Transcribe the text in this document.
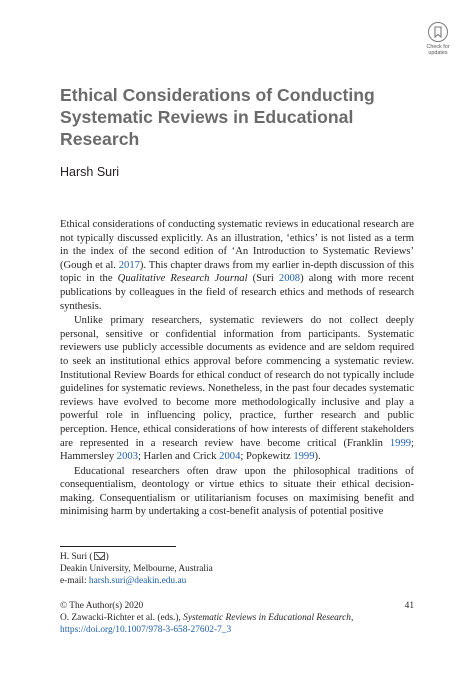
Check for
updates
Ethical Considerations of Conducting Systematic Reviews in Educational Research
Harsh Suri

Ethical considerations of conducting systematic reviews in educational research are not typically discussed explicitly. As an illustration, ‘ethics’ is not listed as a term in the index of the second edition of ‘An Introduction to Systematic Reviews’ (Gough et al. 2017). This chapter draws from my earlier in-depth discussion of this topic in the Qualitative Research Journal (Suri 2008) along with more recent publications by colleagues in the field of research ethics and methods of research synthesis.

Unlike primary researchers, systematic reviewers do not collect deeply personal, sensitive or confidential information from participants. Systematic reviewers use publicly accessible documents as evidence and are seldom required to seek an institutional ethics approval before commencing a systematic review. Institutional Review Boards for ethical conduct of research do not typically include guidelines for systematic reviews. Nonetheless, in the past four decades systematic reviews have evolved to become more methodologically inclusive and play a powerful role in influencing policy, practice, further research and public perception. Hence, ethical considerations of how interests of different stakeholders are represented in a research review have become critical (Franklin 1999; Hammersley 2003; Harlen and Crick 2004; Popkewitz 1999).

Educational researchers often draw upon the philosophical traditions of consequentialism, deontology or virtue ethics to situate their ethical decision-making. Consequentialism or utilitarianism focuses on maximising benefit and minimising harm by undertaking a cost-benefit analysis of potential positive

H. Suri ( )
Deakin University, Melbourne, Australia
e-mail: harsh.suri@deakin.edu.au
41
© The Author(s) 2020
O. Zawacki-Richter et al. (eds.), Systematic Reviews in Educational Research,
https://doi.org/10.1007/978-3-658-27602-7_3
